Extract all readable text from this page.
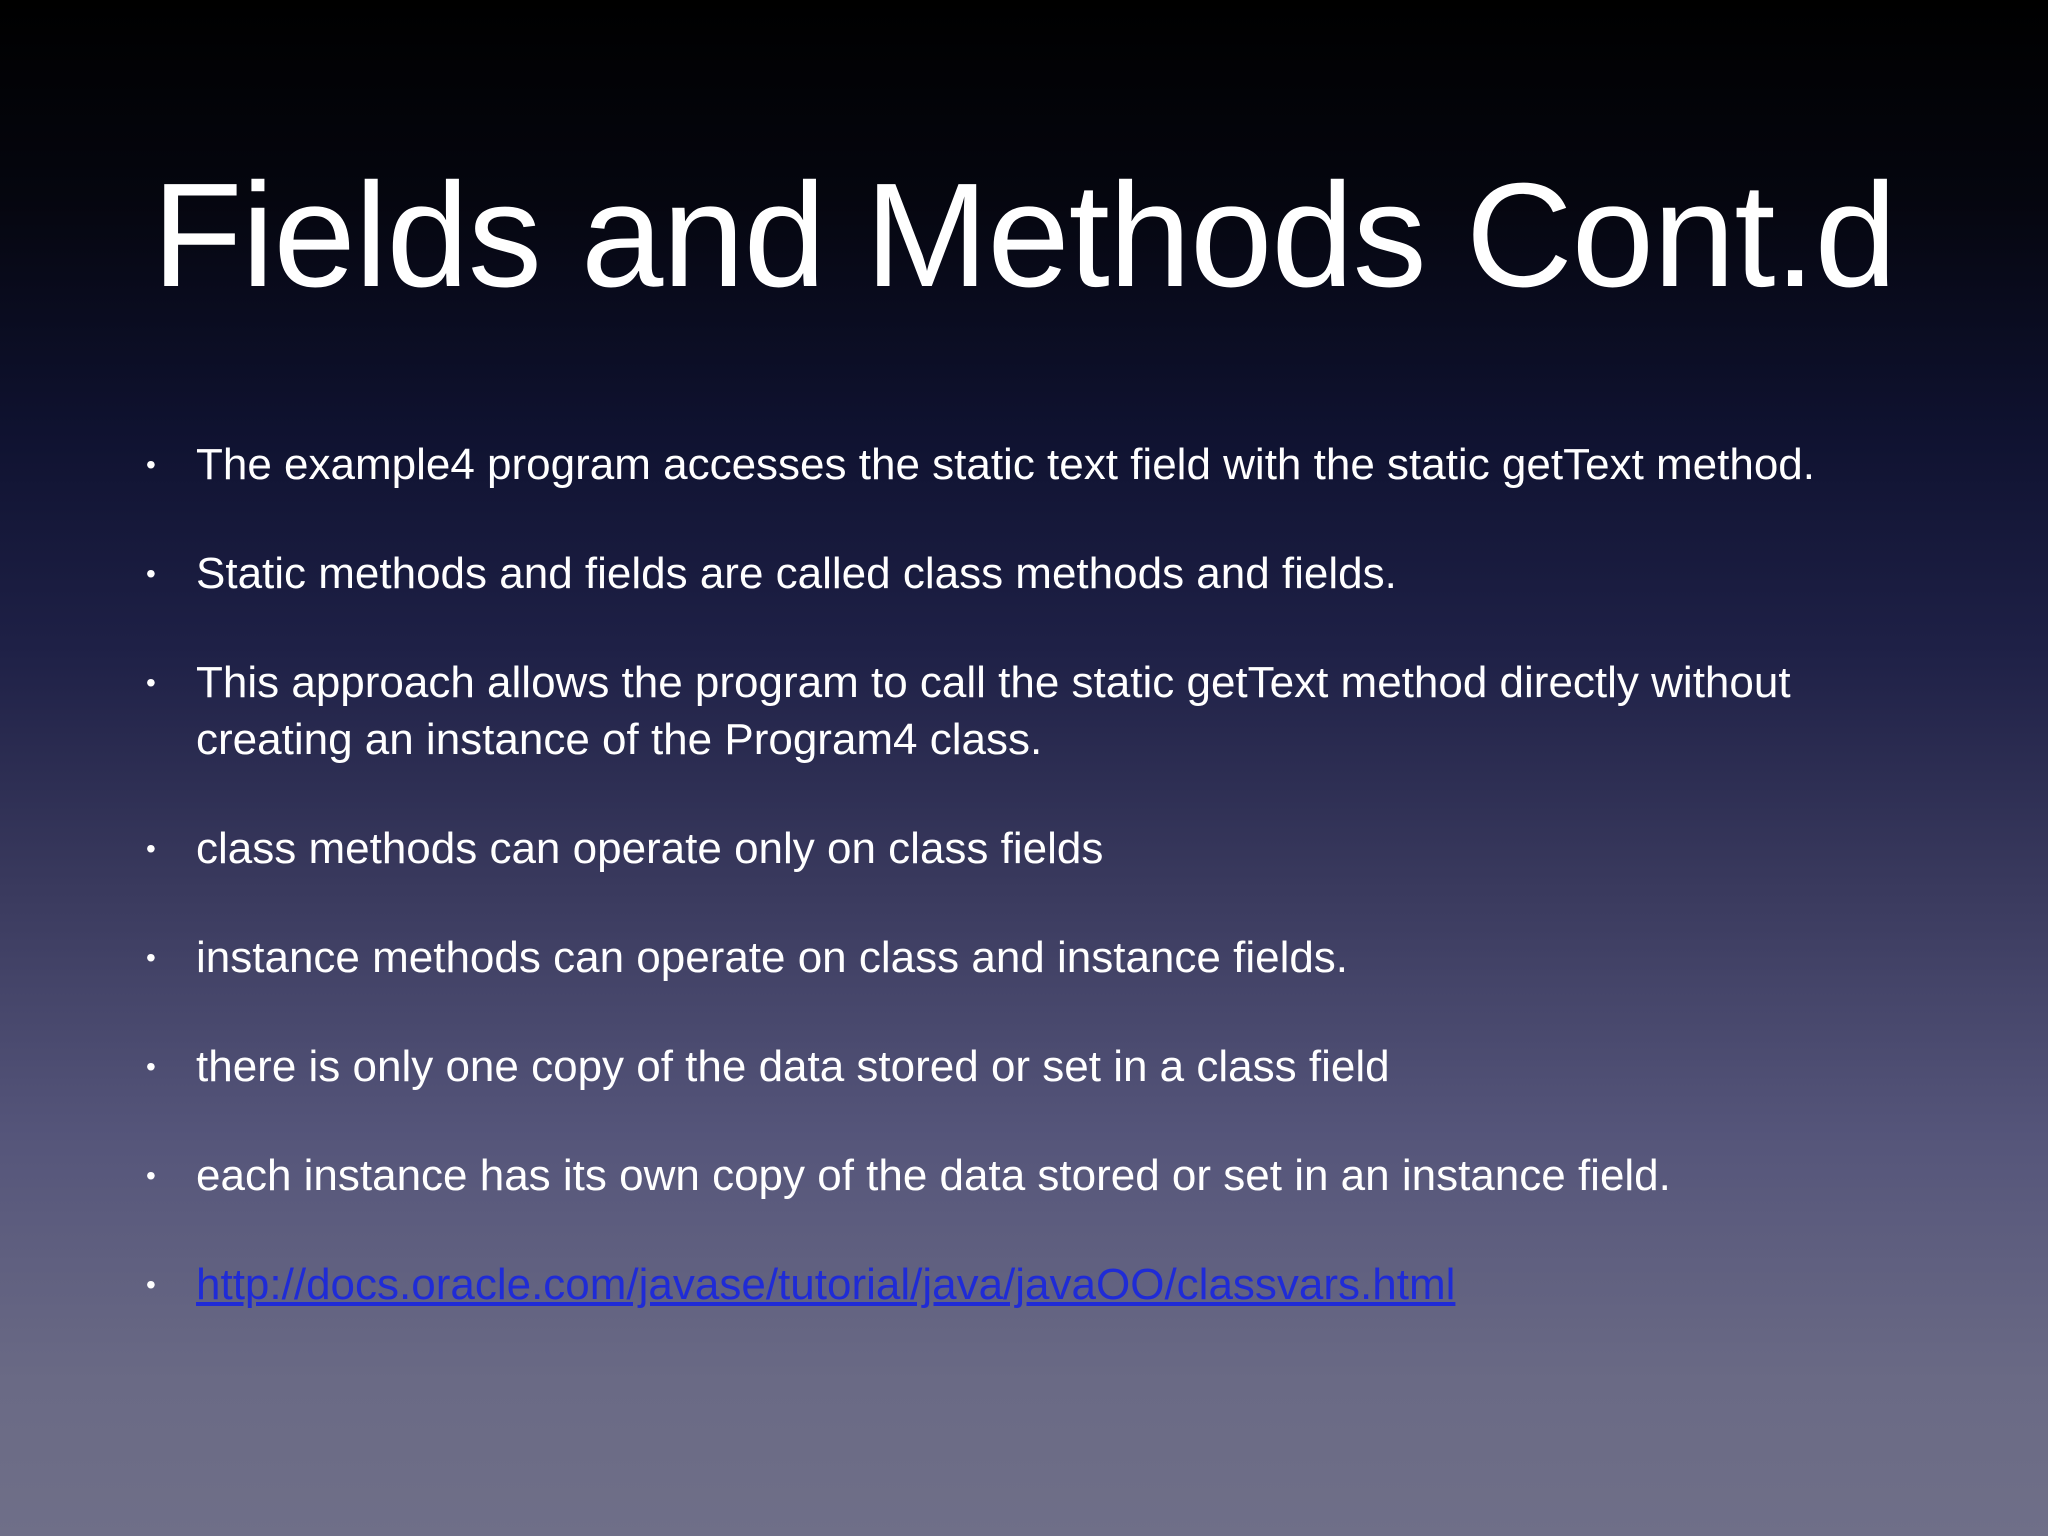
Fields and Methods Cont.d
• The example4 program accesses the static text field with the static getText method.
• Static methods and fields are called class methods and fields.
• This approach allows the program to call the static getText method directly without creating an instance of the Program4 class.
• class methods can operate only on class fields
• instance methods can operate on class and instance fields.
• there is only one copy of the data stored or set in a class field
• each instance has its own copy of the data stored or set in an instance field.
• http://docs.oracle.com/javase/tutorial/java/javaOO/classvars.html
